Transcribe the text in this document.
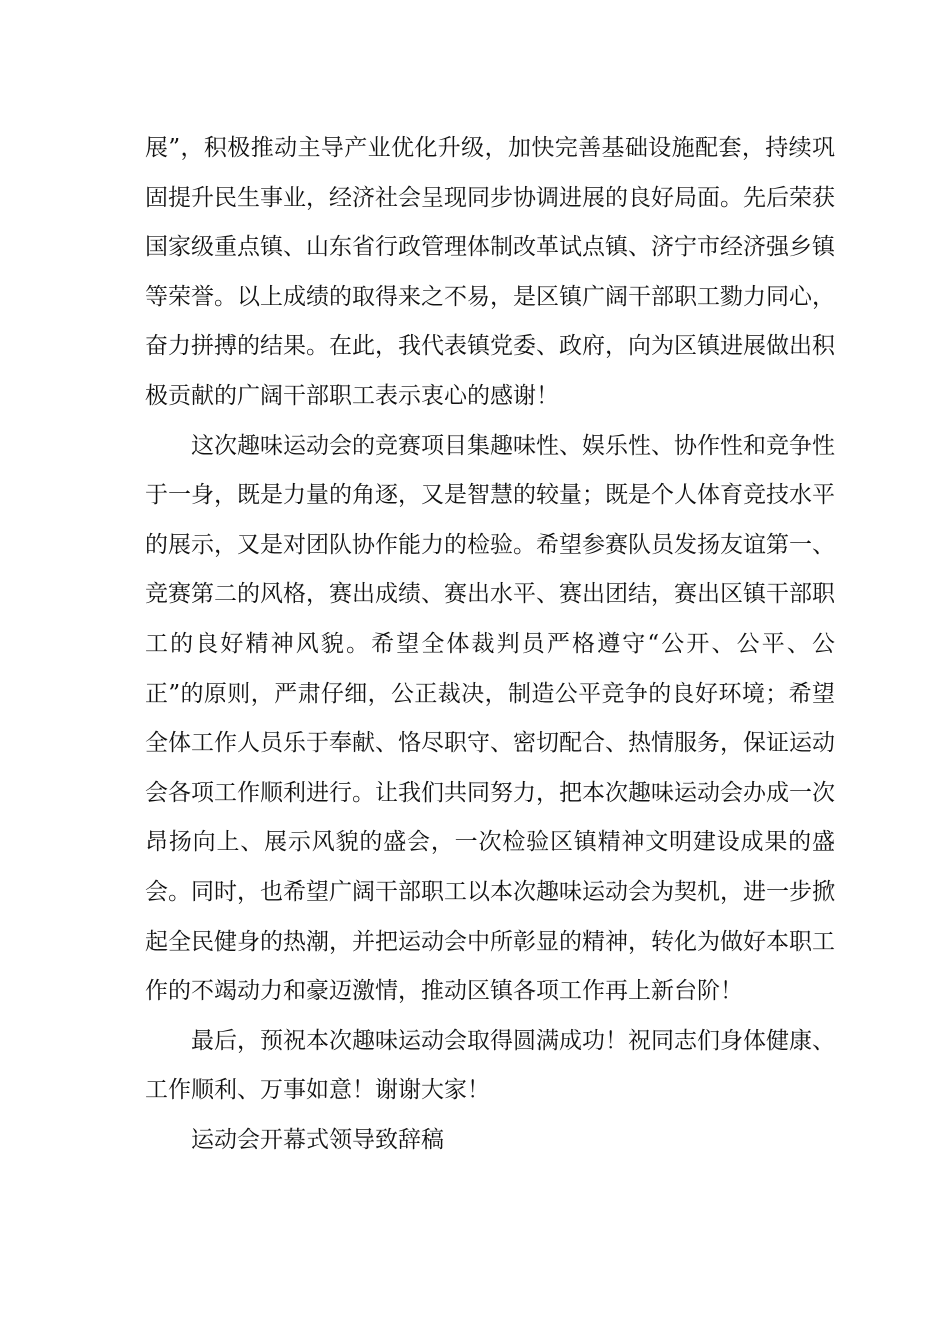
展”，积极推动主导产业优化升级，加快完善基础设施配套，持续巩固提升民生事业，经济社会呈现同步协调进展的良好局面。先后荣获国家级重点镇、山东省行政管理体制改革试点镇、济宁市经济强乡镇等荣誉。以上成绩的取得来之不易，是区镇广阔干部职工勠力同心，奋力拼搏的结果。在此，我代表镇党委、政府，向为区镇进展做出积极贡献的广阔干部职工表示衷心的感谢！

这次趣味运动会的竞赛项目集趣味性、娱乐性、协作性和竞争性于一身，既是力量的角逐，又是智慧的较量；既是个人体育竞技水平的展示，又是对团队协作能力的检验。希望参赛队员发扬友谊第一、竞赛第二的风格，赛出成绩、赛出水平、赛出团结，赛出区镇干部职工的良好精神风貌。希望全体裁判员严格遵守“公开、公平、公正”的原则，严肃仔细，公正裁决，制造公平竞争的良好环境；希望全体工作人员乐于奉献、恪尽职守、密切配合、热情服务，保证运动会各项工作顺利进行。让我们共同努力，把本次趣味运动会办成一次昂扬向上、展示风貌的盛会，一次检验区镇精神文明建设成果的盛会。同时，也希望广阔干部职工以本次趣味运动会为契机，进一步掀起全民健身的热潮，并把运动会中所彰显的精神，转化为做好本职工作的不竭动力和豪迈激情，推动区镇各项工作再上新台阶！

最后，预祝本次趣味运动会取得圆满成功！祝同志们身体健康、工作顺利、万事如意！谢谢大家！

运动会开幕式领导致辞稿
